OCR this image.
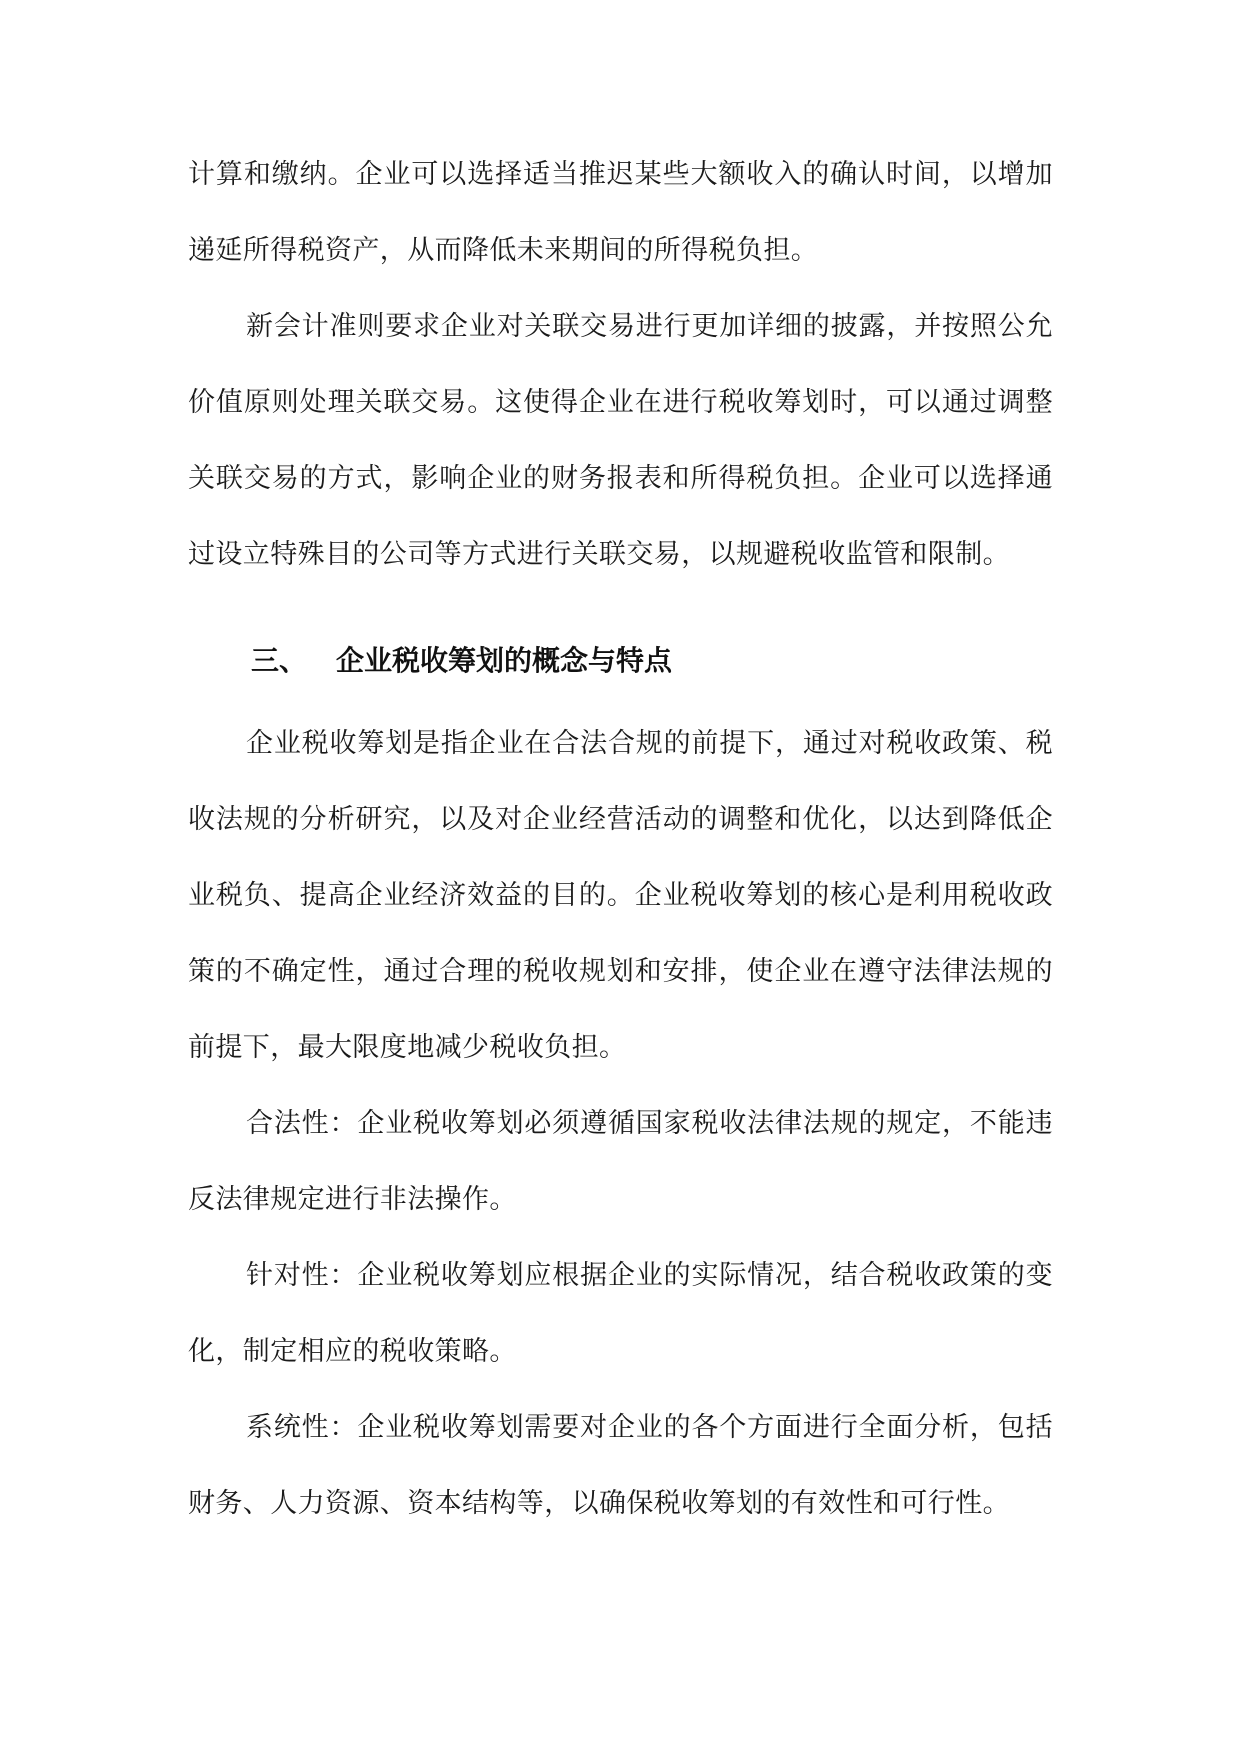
计算和缴纳。企业可以选择适当推迟某些大额收入的确认时间，以增加递延所得税资产，从而降低未来期间的所得税负担。

新会计准则要求企业对关联交易进行更加详细的披露，并按照公允价值原则处理关联交易。这使得企业在进行税收筹划时，可以通过调整关联交易的方式，影响企业的财务报表和所得税负担。企业可以选择通过设立特殊目的公司等方式进行关联交易，以规避税收监管和限制。

三、 企业税收筹划的概念与特点

企业税收筹划是指企业在合法合规的前提下，通过对税收政策、税收法规的分析研究，以及对企业经营活动的调整和优化，以达到降低企业税负、提高企业经济效益的目的。企业税收筹划的核心是利用税收政策的不确定性，通过合理的税收规划和安排，使企业在遵守法律法规的前提下，最大限度地减少税收负担。

合法性：企业税收筹划必须遵循国家税收法律法规的规定，不能违反法律规定进行非法操作。

针对性：企业税收筹划应根据企业的实际情况，结合税收政策的变化，制定相应的税收策略。

系统性：企业税收筹划需要对企业的各个方面进行全面分析，包括财务、人力资源、资本结构等，以确保税收筹划的有效性和可行性。
